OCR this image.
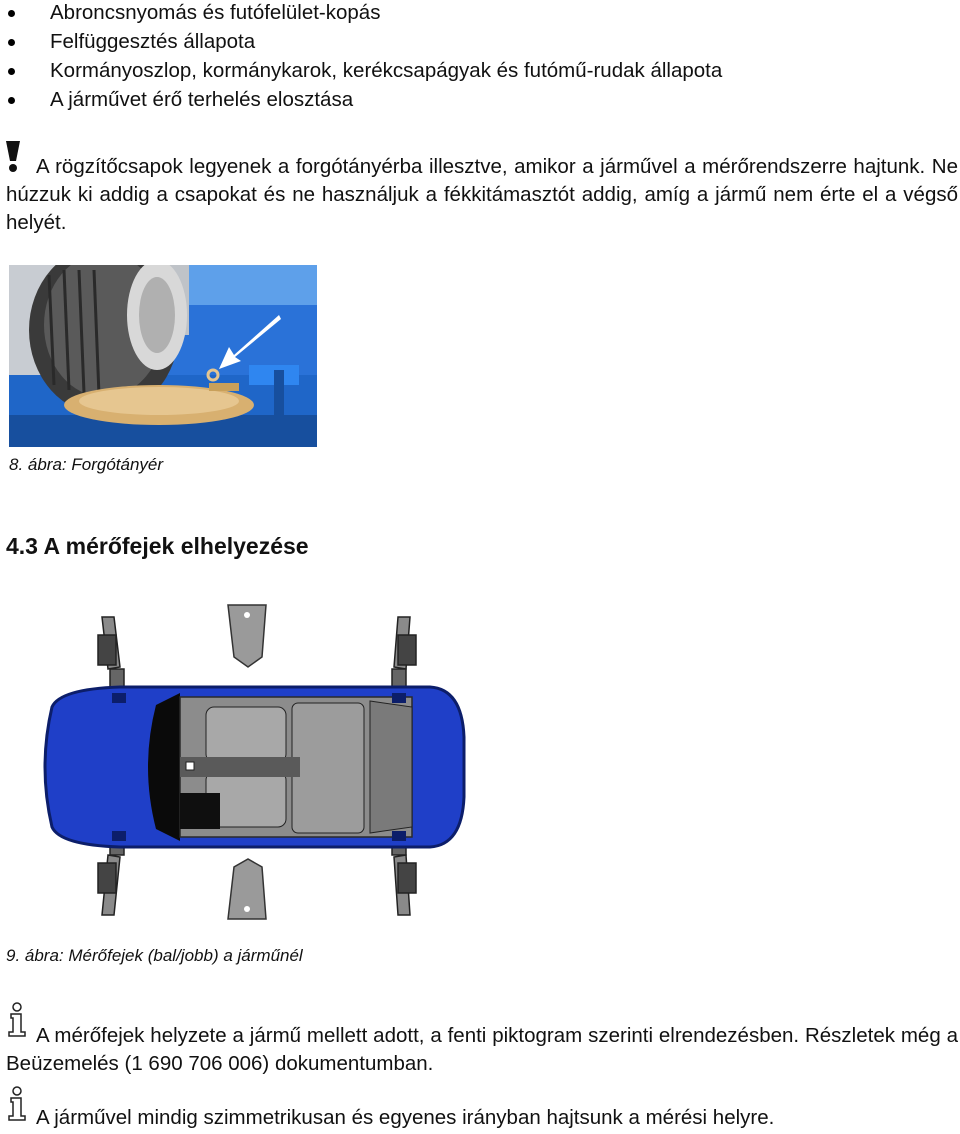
Abroncsnyomás és futófelület-kopás
Felfüggesztés állapota
Kormányoszlop, kormánykarok, kerékcsapágyak és futómű-rudak állapota
A járművet érő terhelés elosztása
A rögzítőcsapok legyenek a forgótányérba illesztve, amikor a járművel a mérőrendszerre hajtunk. Ne húzzuk ki addig a csapokat és ne használjuk a fékkitámasztót addig, amíg a jármű nem érte el a végső helyét.
8. ábra: Forgótányér
4.3 A mérőfejek elhelyezése
9. ábra: Mérőfejek (bal/jobb) a járműnél
A mérőfejek helyzete a jármű mellett adott, a fenti piktogram szerinti elrendezésben. Részletek még a Beüzemelés (1 690 706 006) dokumentumban.
A járművel mindig szimmetrikusan és egyenes irányban hajtsunk a mérési helyre.
